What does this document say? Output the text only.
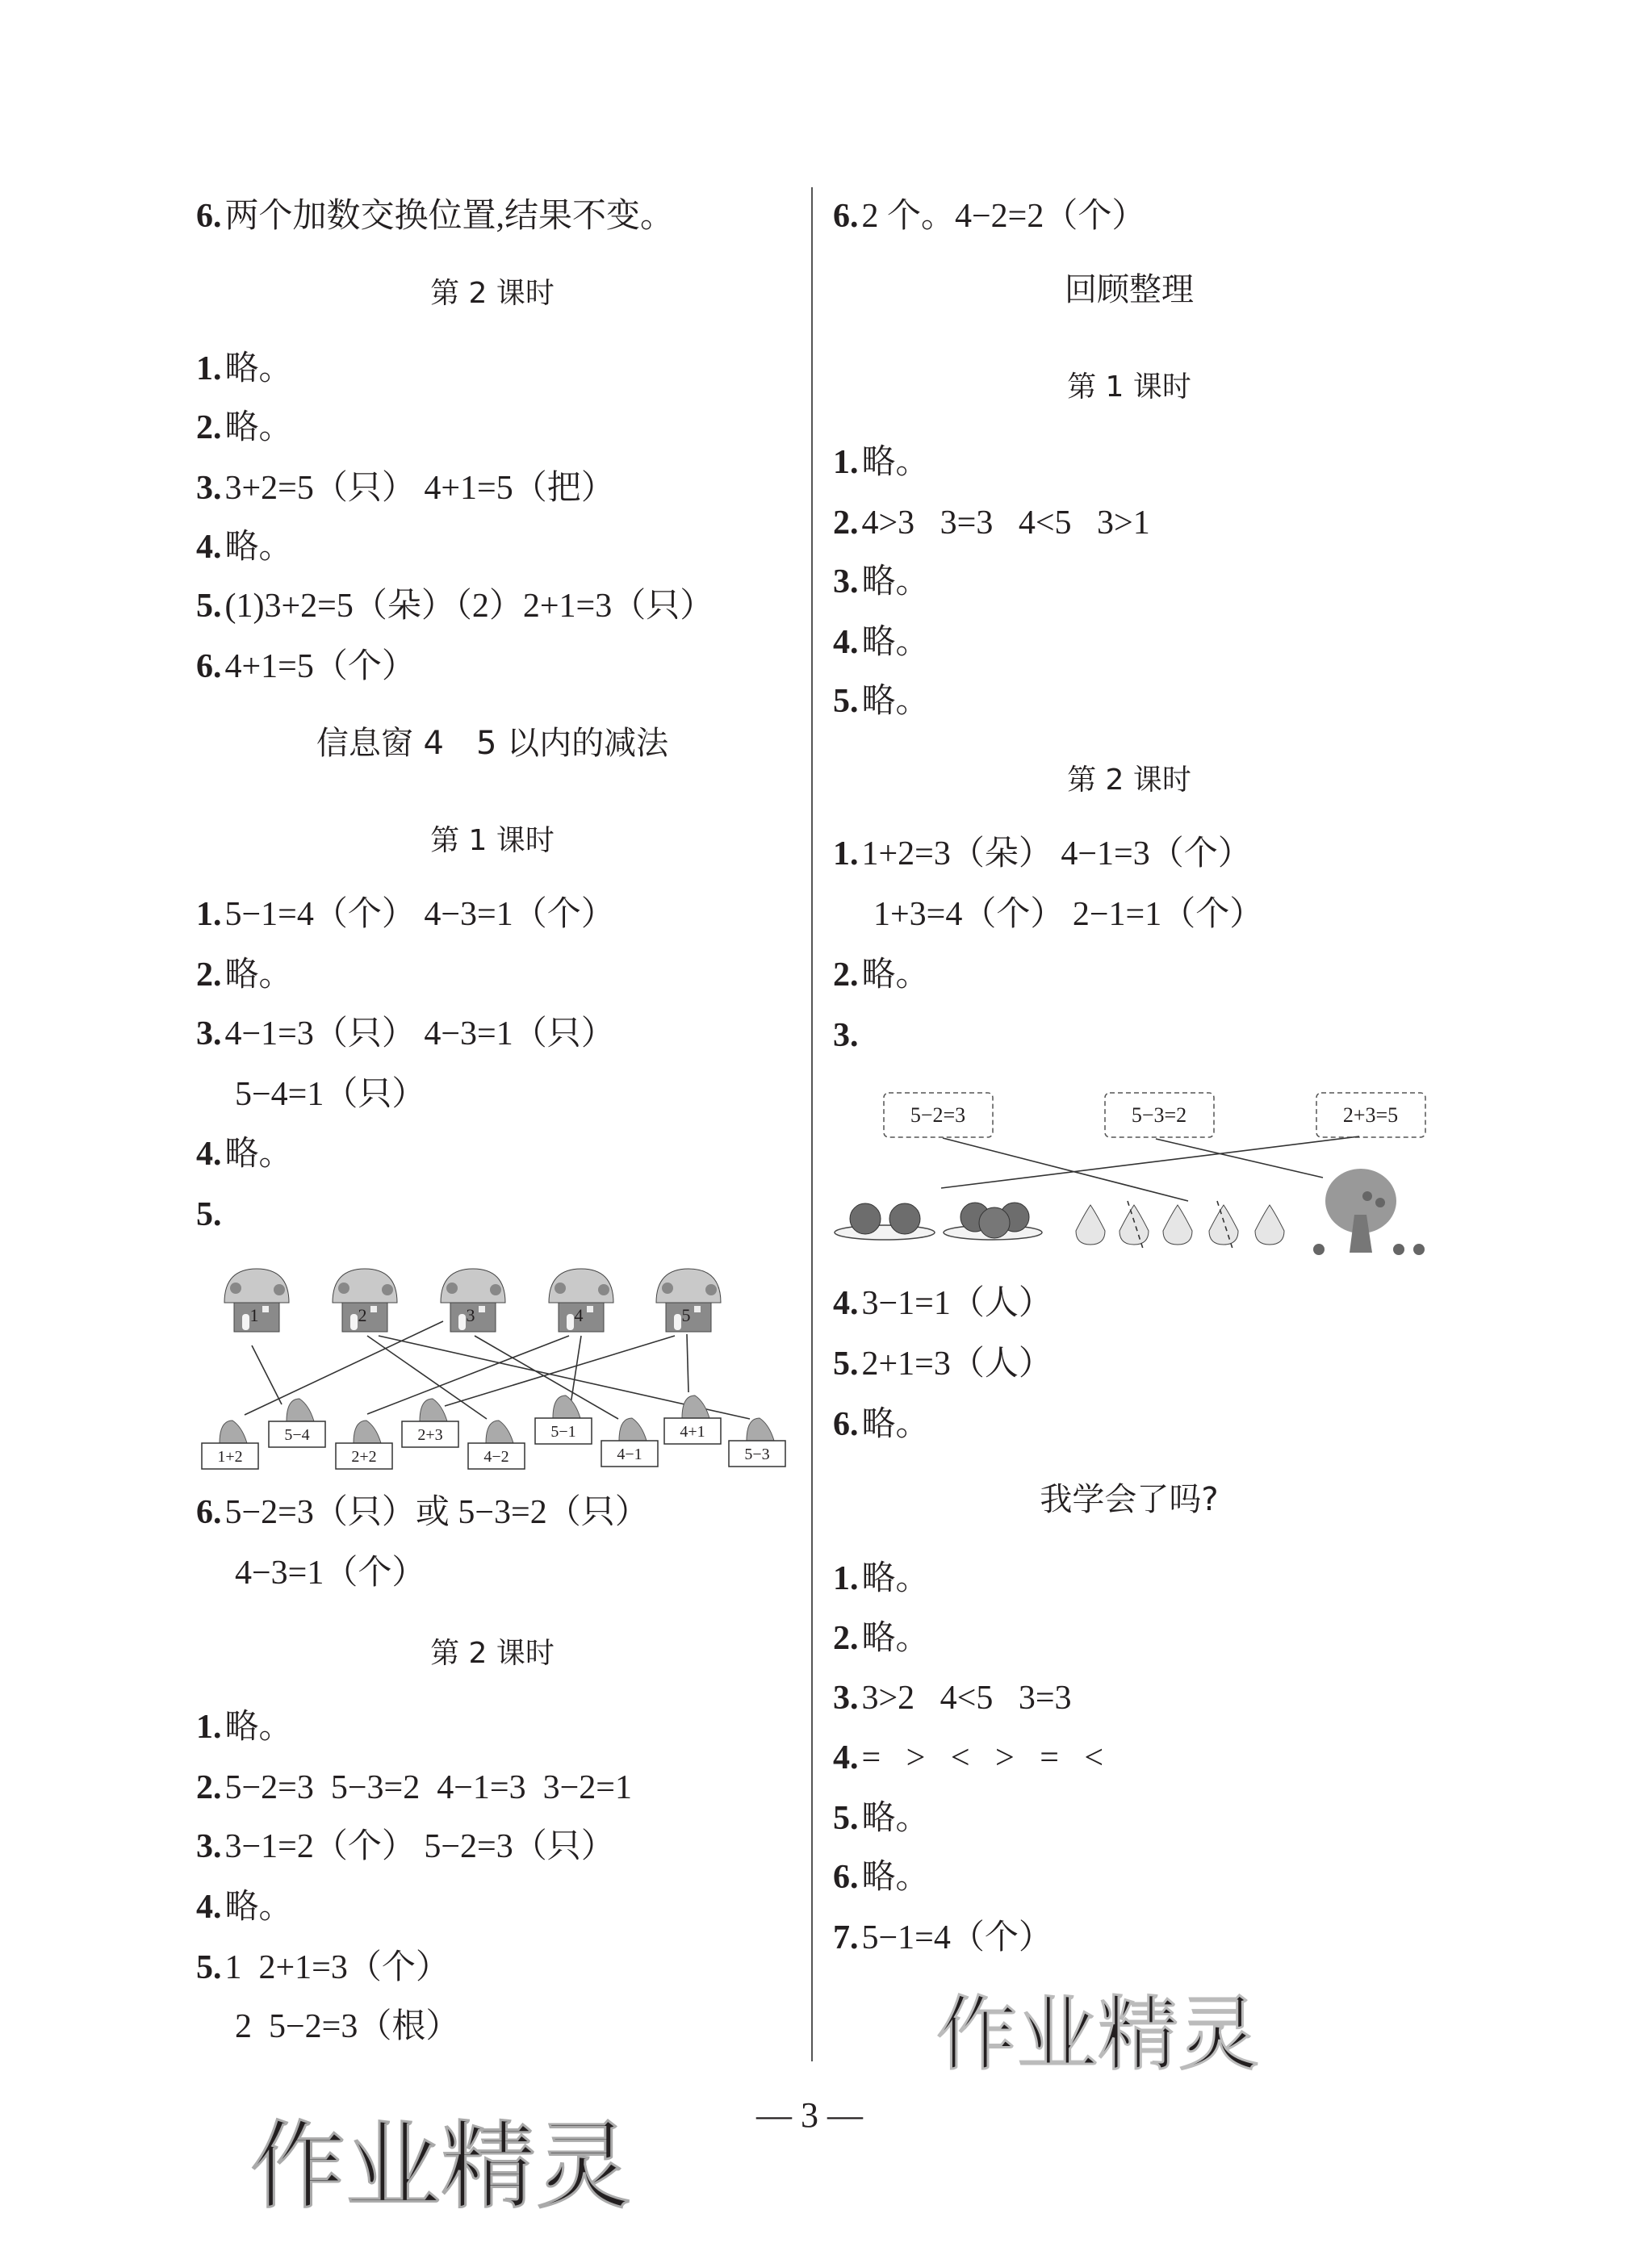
6.两个加数交换位置,结果不变。
第 2 课时
1.略。
2.略。
3.3+2=5（只） 4+1=5（把）
4.略。
5.(1)3+2=5（朵）（2）2+1=3（只）
6.4+1=5（个）
信息窗 4　5 以内的减法
第 1 课时
1.5−1=4（个） 4−3=1（个）
2.略。
3.4−1=3（只） 4−3=1（只）
5−4=1（只）
4.略。
5.
1	2	3	4	5
1+2
5−4
2+2
2+3
4−2
5−1
4−1
4+1
5−3
6.5−2=3（只）或 5−3=2（只）
4−3=1（个）
第 2 课时
1.略。
2.5−2=3  5−3=2  4−1=3  3−2=1
3.3−1=2（个） 5−2=3（只）
4.略。
5.1  2+1=3（个）
2  5−2=3（根）
6.2 个。4−2=2（个）
回顾整理
第 1 课时
1.略。
2.4>3   3=3   4<5   3>1
3.略。
4.略。
5.略。
第 2 课时
1.1+2=3（朵） 4−1=3（个）
1+3=4（个） 2−1=1（个）
2.略。
3.
5−2=3	5−3=2	2+3=5
4.3−1=1（人）
5.2+1=3（人）
6.略。
我学会了吗?
1.略。
2.略。
3.3>2   4<5   3=3
4.=   >   <   >   =   <
5.略。
6.略。
7.5−1=4（个）
— 3 —
作业精灵
作业精灵
